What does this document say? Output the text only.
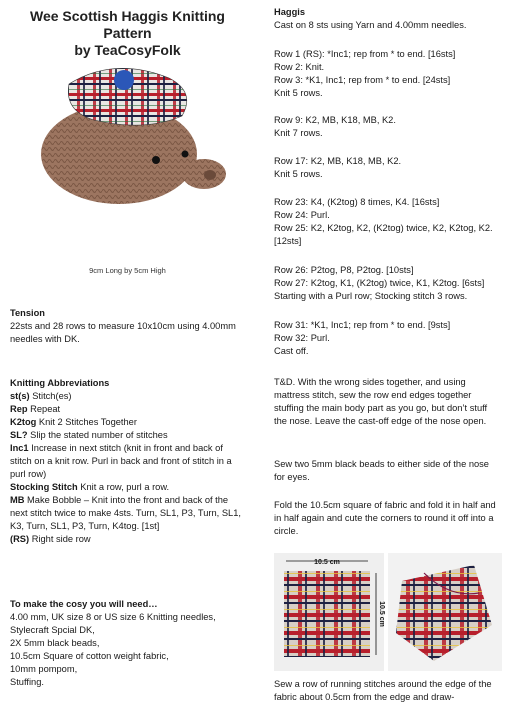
Wee Scottish Haggis Knitting Pattern
by TeaCosyFolk
9cm Long by 5cm High

Tension

22sts and 28 rows to measure 10x10cm using 4.00mm needles with DK.

Knitting Abbreviations

st(s) Stitch(es)

Rep Repeat

K2tog Knit 2 Stitches Together

SL? Slip the stated number of stitches

Inc1 Increase in next stitch (knit in front and back of stitch on a knit row. Purl in back and front of stitch in a purl row)

Stocking Stitch Knit a row, purl a row.

MB Make Bobble – Knit into the front and back of the next stitch twice to make 4sts. Turn, SL1, P3, Turn, SL1, K3, Turn, SL1, P3, Turn, K4tog. [1st]

(RS) Right side row

To make the cosy you will need…

4.00 mm, UK size 8 or US size 6 Knitting needles,

Stylecraft Spcial DK,

2X 5mm black beads,

10.5cm Square of cotton weight fabric,

10mm pompom,

Stuffing.

Haggis

Cast on 8 sts using Yarn and 4.00mm needles.

Row 1 (RS): *Inc1; rep from * to end. [16sts]

Row 2: Knit.

Row 3: *K1, Inc1; rep from * to end. [24sts]

Knit 5 rows.

Row 9: K2, MB, K18, MB, K2.

Knit 7 rows.

Row 17: K2, MB, K18, MB, K2.

Knit 5 rows.

Row 23: K4, (K2tog) 8 times, K4. [16sts]

Row 24: Purl.

Row 25: K2, K2tog, K2, (K2tog) twice, K2, K2tog, K2. [12sts]

Row 26: P2tog, P8, P2tog. [10sts]

Row 27: K2tog, K1, (K2tog) twice, K1, K2tog. [6sts]

Starting with a Purl row; Stocking stitch 3 rows.

Row 31: *K1, Inc1; rep from * to end. [9sts]

Row 32: Purl.

Cast off.

T&D. With the wrong sides together, and using mattress stitch, sew the row end edges together stuffing the main body part as you go, but don’t stuff the nose. Leave the cast-off edge of the nose open.

Sew two 5mm black beads to either side of the nose for eyes.

Fold the 10.5cm square of fabric and fold it in half and in half again and cute the corners to round it off into a circle.

10.5 cm
10.5 cm

Sew a row of running stitches around the edge of the fabric about 0.5cm from the edge and draw-
